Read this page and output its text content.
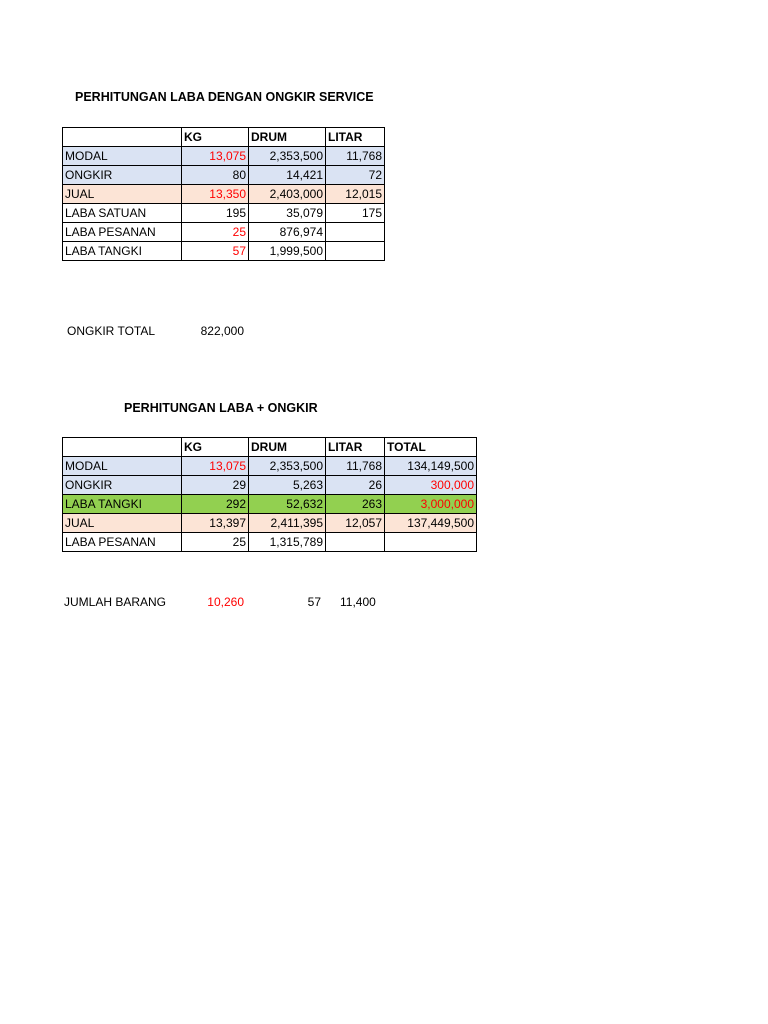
PERHITUNGAN LABA DENGAN ONGKIR SERVICE
	KG	DRUM	LITAR
MODAL	13,075	2,353,500	11,768
ONGKIR	80	14,421	72
JUAL	13,350	2,403,000	12,015
LABA SATUAN	195	35,079	175
LABA PESANAN	25	876,974	
LABA TANGKI	57	1,999,500	
ONGKIR TOTAL	822,000
PERHITUNGAN LABA + ONGKIR
	KG	DRUM	LITAR	TOTAL
MODAL	13,075	2,353,500	11,768	134,149,500
ONGKIR	29	5,263	26	300,000
LABA TANGKI	292	52,632	263	3,000,000
JUAL	13,397	2,411,395	12,057	137,449,500
LABA PESANAN	25	1,315,789		
JUMLAH BARANG	10,260	57 11,400
